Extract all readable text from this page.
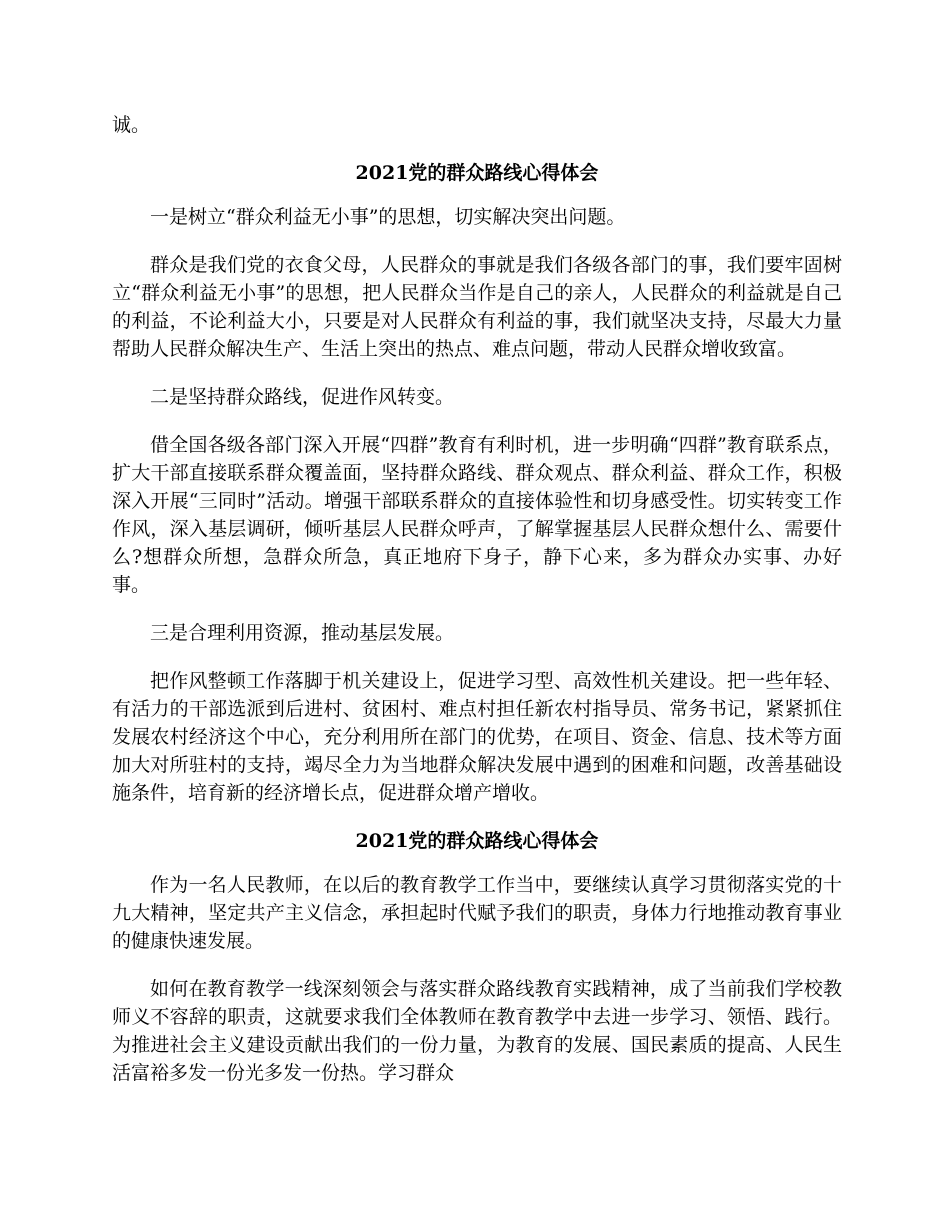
诚。

2021党的群众路线心得体会

一是树立“群众利益无小事”的思想，切实解决突出问题。

群众是我们党的衣食父母，人民群众的事就是我们各级各部门的事，我们要牢固树立“群众利益无小事”的思想，把人民群众当作是自己的亲人，人民群众的利益就是自己的利益，不论利益大小，只要是对人民群众有利益的事，我们就坚决支持，尽最大力量帮助人民群众解决生产、生活上突出的热点、难点问题，带动人民群众增收致富。

二是坚持群众路线，促进作风转变。

借全国各级各部门深入开展“四群”教育有利时机，进一步明确“四群”教育联系点，扩大干部直接联系群众覆盖面，坚持群众路线、群众观点、群众利益、群众工作，积极深入开展“三同时”活动。增强干部联系群众的直接体验性和切身感受性。切实转变工作作风，深入基层调研，倾听基层人民群众呼声，了解掌握基层人民群众想什么、需要什么?想群众所想，急群众所急，真正地府下身子，静下心来，多为群众办实事、办好事。

三是合理利用资源，推动基层发展。

把作风整顿工作落脚于机关建设上，促进学习型、高效性机关建设。把一些年轻、有活力的干部选派到后进村、贫困村、难点村担任新农村指导员、常务书记，紧紧抓住发展农村经济这个中心，充分利用所在部门的优势，在项目、资金、信息、技术等方面加大对所驻村的支持，竭尽全力为当地群众解决发展中遇到的困难和问题，改善基础设施条件，培育新的经济增长点，促进群众增产增收。

2021党的群众路线心得体会

作为一名人民教师，在以后的教育教学工作当中，要继续认真学习贯彻落实党的十九大精神，坚定共产主义信念，承担起时代赋予我们的职责，身体力行地推动教育事业的健康快速发展。

如何在教育教学一线深刻领会与落实群众路线教育实践精神，成了当前我们学校教师义不容辞的职责，这就要求我们全体教师在教育教学中去进一步学习、领悟、践行。为推进社会主义建设贡献出我们的一份力量，为教育的发展、国民素质的提高、人民生活富裕多发一份光多发一份热。学习群众
